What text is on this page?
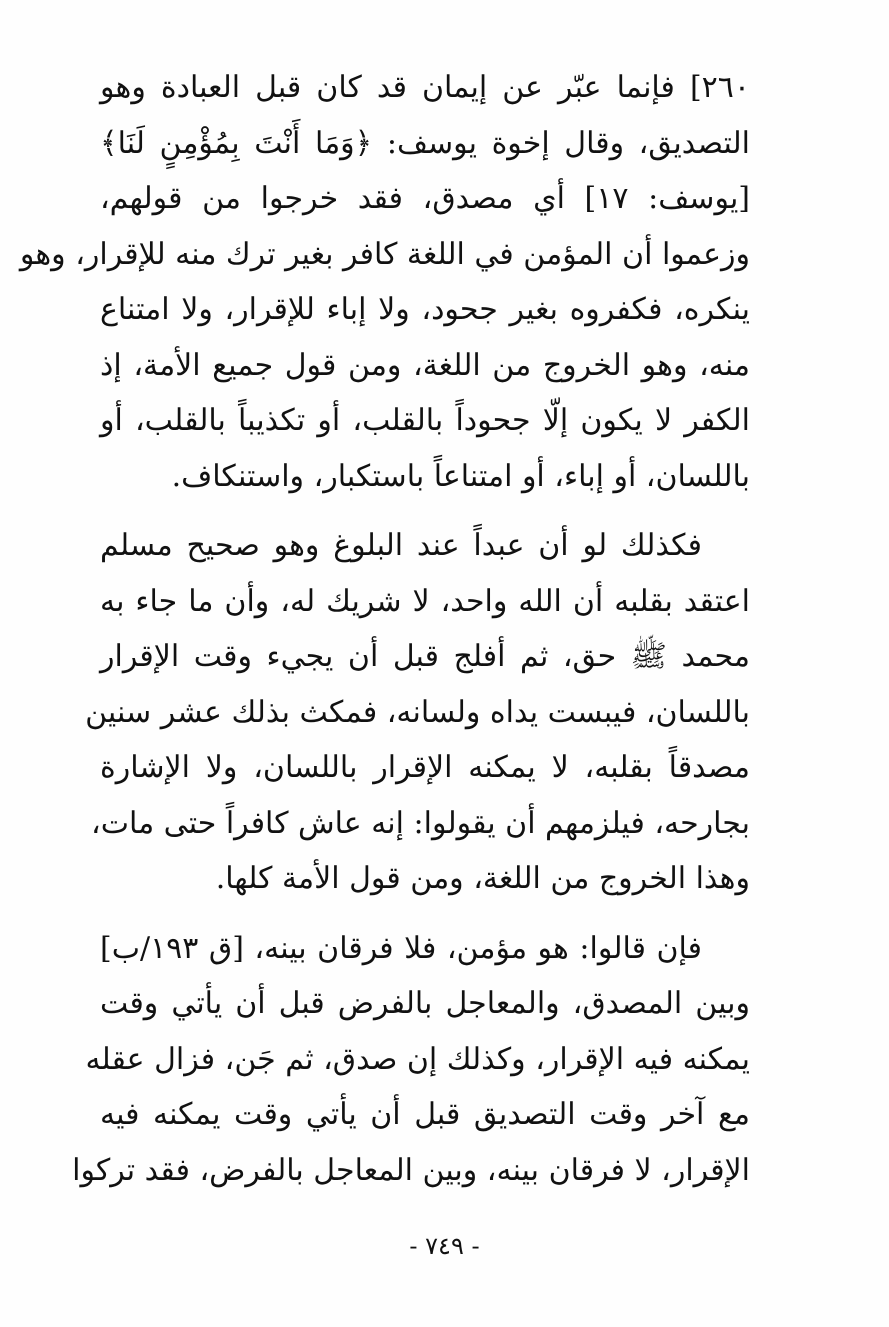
٢٦٠] فإنما عبّر عن إيمان قد كان قبل العبادة وهو
التصديق، وقال إخوة يوسف: ﴿وَمَا أَنْتَ بِمُؤْمِنٍ لَنَا﴾
[يوسف: ١٧] أي مصدق، فقد خرجوا من قولهم،
وزعموا أن المؤمن في اللغة كافر بغير ترك منه للإقرار، وهو
ينكره، فكفروه بغير جحود، ولا إباء للإقرار، ولا امتناع
منه، وهو الخروج من اللغة، ومن قول جميع الأمة، إذ
الكفر لا يكون إلّا جحوداً بالقلب، أو تكذيباً بالقلب، أو
باللسان، أو إباء، أو امتناعاً باستكبار، واستنكاف.
فكذلك لو أن عبداً عند البلوغ وهو صحيح مسلم
اعتقد بقلبه أن الله واحد، لا شريك له، وأن ما جاء به
محمد ﷺ حق، ثم أفلج قبل أن يجيء وقت الإقرار
باللسان، فيبست يداه ولسانه، فمكث بذلك عشر سنين
مصدقاً بقلبه، لا يمكنه الإقرار باللسان، ولا الإشارة
بجارحه، فيلزمهم أن يقولوا: إنه عاش كافراً حتى مات،
وهذا الخروج من اللغة، ومن قول الأمة كلها.
فإن قالوا: هو مؤمن، فلا فرقان بينه، [ق ١٩٣/ب]
وبين المصدق، والمعاجل بالفرض قبل أن يأتي وقت
يمكنه فيه الإقرار، وكذلك إن صدق، ثم جَن، فزال عقله
مع آخر وقت التصديق قبل أن يأتي وقت يمكنه فيه
الإقرار، لا فرقان بينه، وبين المعاجل بالفرض، فقد تركوا
- ٧٤٩ -
